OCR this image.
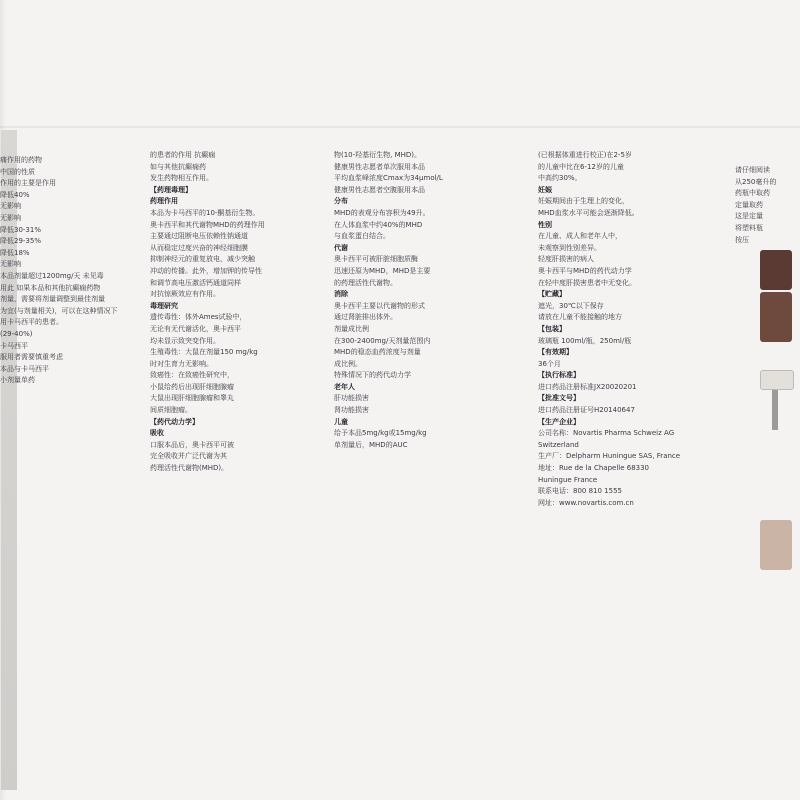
痛作用的药物
中国的性质
作用的主要是作用
降低40%
无影响
无影响
降低30-31%
降低29-35%
降低18%
无影响
本品剂量超过1200mg/天 未见毒
用此 如果本品和其他抗癫痫药物
剂量，需要将剂量调整到最佳剂量
为宜(与剂量相关)，可以在这种情况下
用卡马西平的患者。
(29-40%)
卡马西平
服用者需要慎重考虑
本品与卡马西平
小剂量单药
的患者的作用 抗癫痫
如与其他抗癫痫药
发生药物相互作用。
【药理毒理】
药理作用
本品为卡马西平的10-酮基衍生物。
奥卡西平和其代谢物MHD的药理作用
主要通过阻断电压依赖性钠通道
从而稳定过度兴奋的神经细胞膜
抑制神经元的重复放电，减少突触
冲动的传播。此外，增加钾的传导性
和调节高电压激活钙通道同样
对抗惊厥效应有作用。
毒理研究
遗传毒性：体外Ames试验中，
无论有无代谢活化，奥卡西平
均未显示致突变作用。
生殖毒性：大鼠在剂量150 mg/kg
时对生育力无影响。
致癌性：在致癌性研究中，
小鼠给药后出现肝细胞腺瘤
大鼠出现肝细胞腺瘤和睾丸
间质细胞瘤。
【药代动力学】
吸收
口服本品后，奥卡西平可被
完全吸收并广泛代谢为其
药理活性代谢物(MHD)。
物(10-羟基衍生物, MHD)。
健康男性志愿者单次服用本品
平均血浆峰浓度Cmax为34μmol/L
健康男性志愿者空腹服用本品
分布
MHD的表观分布容积为49升。
在人体血浆中约40%的MHD
与血浆蛋白结合。
代谢
奥卡西平可被肝脏细胞质酶
迅速还原为MHD，MHD是主要
的药理活性代谢物。
消除
奥卡西平主要以代谢物的形式
通过肾脏排出体外。
剂量成比例
在300-2400mg/天剂量范围内
MHD的稳态血药浓度与剂量
成比例。
特殊情况下的药代动力学
老年人
肝功能损害
肾功能损害
儿童
给予本品5mg/kg或15mg/kg
单剂量后，MHD的AUC
(已根据体重进行校正)在2-5岁
的儿童中比在6-12岁的儿童
中高约30%。
妊娠
妊娠期间由于生理上的变化，
MHD血浆水平可能会逐渐降低。
性别
在儿童、成人和老年人中，
未观察到性别差异。
轻度肝损害的病人
奥卡西平与MHD的药代动力学
在轻中度肝损害患者中无变化。
【贮藏】
遮光，30℃以下保存
请放在儿童不能接触的地方
【包装】
玻璃瓶 100ml/瓶，250ml/瓶
【有效期】
36个月
【执行标准】
进口药品注册标准JX20020201
【批准文号】
进口药品注册证号H20140647
【生产企业】
公司名称：Novartis Pharma Schweiz AG
Switzerland
生产厂：Delpharm Huningue SAS, France
地址：Rue de la Chapelle 68330
Huningue France
联系电话：800 810 1555
网址：www.novartis.com.cn
请仔细阅读
从250毫升的
药瓶中取药
定量取药
这是定量
将塑料瓶
按压
